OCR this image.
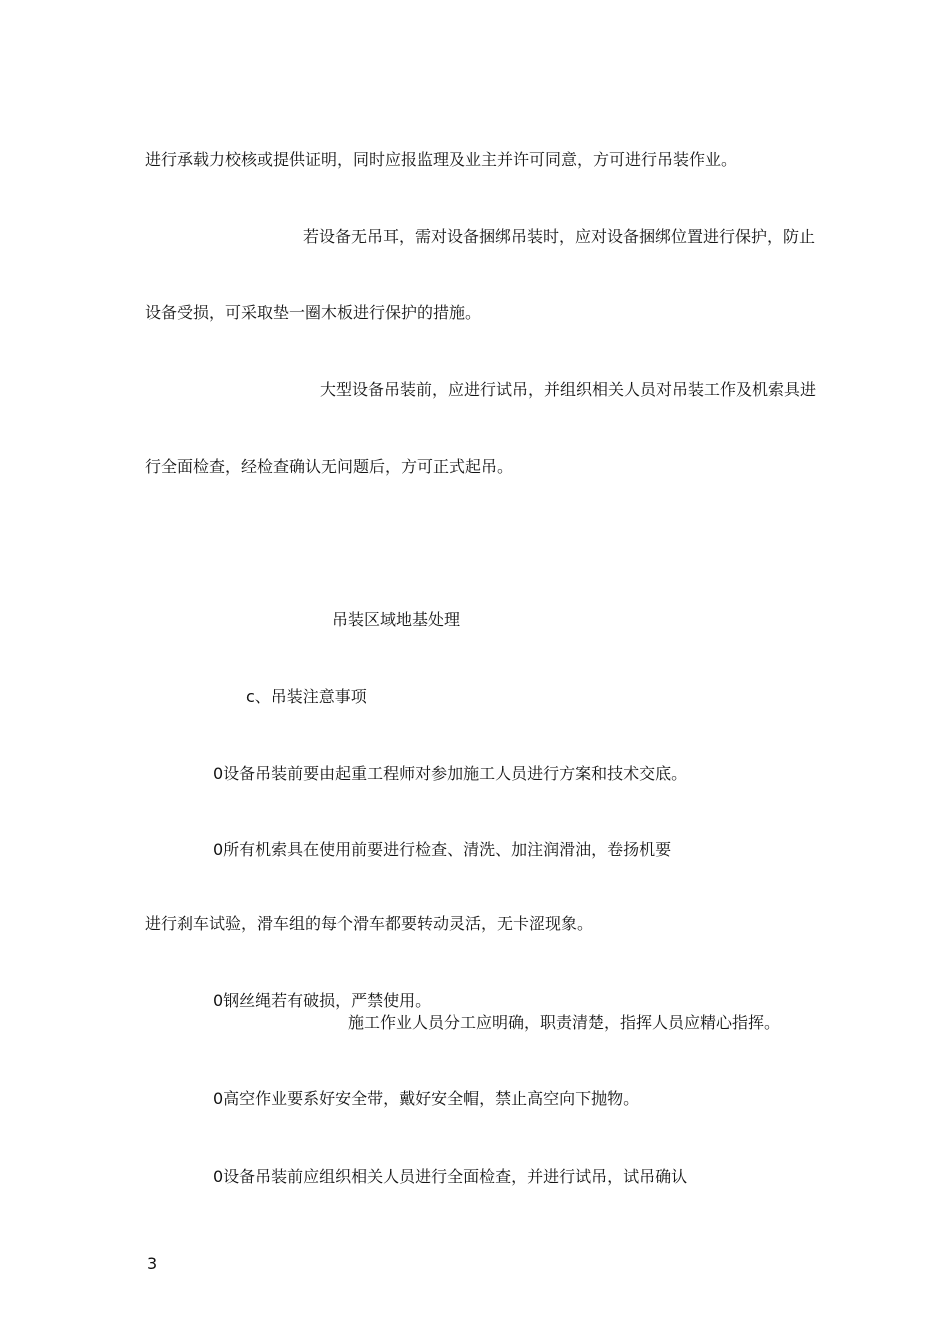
进行承载力校核或提供证明，同时应报监理及业主并许可同意，方可进行吊装作业。
若设备无吊耳，需对设备捆绑吊装时，应对设备捆绑位置进行保护，防止
设备受损，可采取垫一圈木板进行保护的措施。
大型设备吊装前，应进行试吊，并组织相关人员对吊装工作及机索具进
行全面检查，经检查确认无问题后，方可正式起吊。
吊装区域地基处理
c、吊装注意事项
0设备吊装前要由起重工程师对参加施工人员进行方案和技术交底。
0所有机索具在使用前要进行检查、清洗、加注润滑油，卷扬机要
进行刹车试验，滑车组的每个滑车都要转动灵活，无卡涩现象。
0钢丝绳若有破损，严禁使用。
施工作业人员分工应明确，职责清楚，指挥人员应精心指挥。
0高空作业要系好安全带，戴好安全帽，禁止高空向下抛物。
0设备吊装前应组织相关人员进行全面检查，并进行试吊，试吊确认
3
